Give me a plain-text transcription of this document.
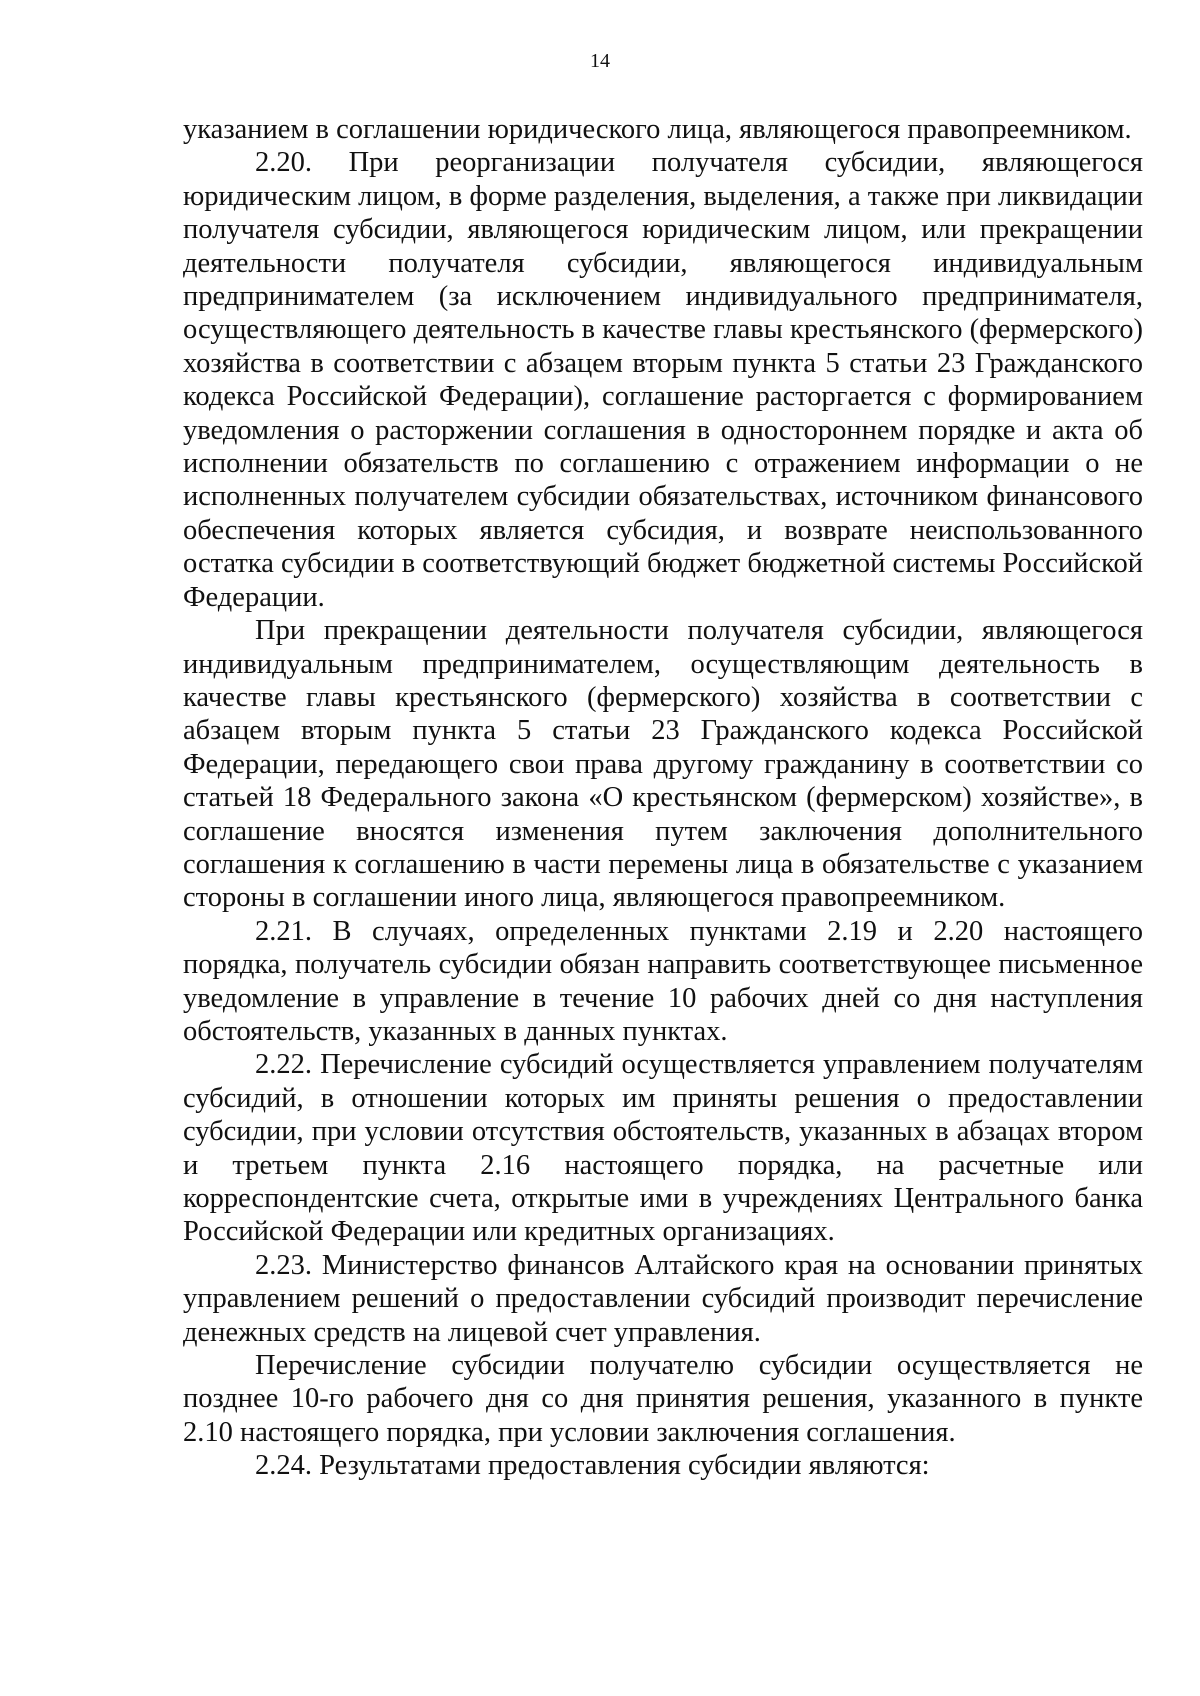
14

указанием в соглашении юридического лица, являющегося правопреемником.

2.20. При реорганизации получателя субсидии, являющегося юридическим лицом, в форме разделения, выделения, а также при ликвидации получателя субсидии, являющегося юридическим лицом, или прекращении деятельности получателя субсидии, являющегося индивидуальным предпринимателем (за исключением индивидуального предпринимателя, осуществляющего деятельность в качестве главы крестьянского (фермерского) хозяйства в соответствии с абзацем вторым пункта 5 статьи 23 Гражданского кодекса Российской Федерации), соглашение расторгается с формированием уведомления о расторжении соглашения в одностороннем порядке и акта об исполнении обязательств по соглашению с отражением информации о не исполненных получателем субсидии обязательствах, источником финансового обеспечения которых является субсидия, и возврате неиспользованного остатка субсидии в соответствующий бюджет бюджетной системы Российской Федерации.

При прекращении деятельности получателя субсидии, являющегося индивидуальным предпринимателем, осуществляющим деятельность в качестве главы крестьянского (фермерского) хозяйства в соответствии с абзацем вторым пункта 5 статьи 23 Гражданского кодекса Российской Федерации, передающего свои права другому гражданину в соответствии со статьей 18 Федерального закона «О крестьянском (фермерском) хозяйстве», в соглашение вносятся изменения путем заключения дополнительного соглашения к соглашению в части перемены лица в обязательстве с указанием стороны в соглашении иного лица, являющегося правопреемником.

2.21. В случаях, определенных пунктами 2.19 и 2.20 настоящего порядка, получатель субсидии обязан направить соответствующее письменное уведомление в управление в течение 10 рабочих дней со дня наступления обстоятельств, указанных в данных пунктах.

2.22. Перечисление субсидий осуществляется управлением получателям субсидий, в отношении которых им приняты решения о предоставлении субсидии, при условии отсутствия обстоятельств, указанных в абзацах втором и третьем пункта 2.16 настоящего порядка, на расчетные или корреспондентские счета, открытые ими в учреждениях Центрального банка Российской Федерации или кредитных организациях.

2.23. Министерство финансов Алтайского края на основании принятых управлением решений о предоставлении субсидий производит перечисление денежных средств на лицевой счет управления.

Перечисление субсидии получателю субсидии осуществляется не позднее 10-го рабочего дня со дня принятия решения, указанного в пункте 2.10 настоящего порядка, при условии заключения соглашения.

2.24. Результатами предоставления субсидии являются:
